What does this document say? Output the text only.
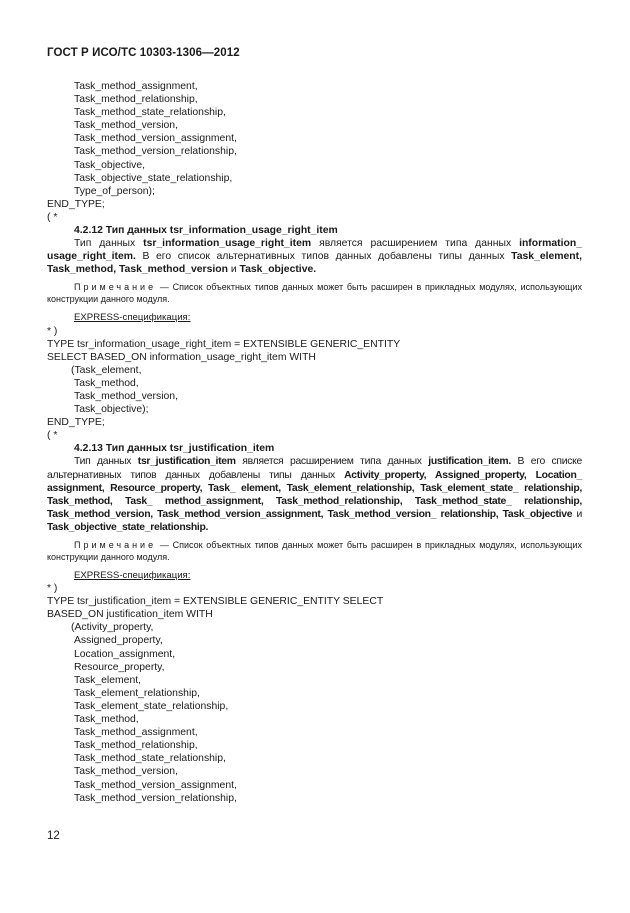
ГОСТ Р ИСО/ТС 10303-1306—2012
Task_method_assignment,
Task_method_relationship,
Task_method_state_relationship,
Task_method_version,
Task_method_version_assignment,
Task_method_version_relationship,
Task_objective,
Task_objective_state_relationship,
Type_of_person);
END_TYPE;
( *
4.2.12 Тип данных tsr_information_usage_right_item

Тип данных tsr_information_usage_right_item является расширением типа данных information_ usage_right_item. В его список альтернативных типов данных добавлены типы данных Task_element, Task_method, Task_method_version и Task_objective.

Примечание — Список объектных типов данных может быть расширен в прикладных модулях, использующих конструкции данного модуля.

EXPRESS-спецификация:
* )
TYPE tsr_information_usage_right_item = EXTENSIBLE GENERIC_ENTITY
SELECT BASED_ON information_usage_right_item WITH
(Task_element,
Task_method,
Task_method_version,
Task_objective);
END_TYPE;
( *
4.2.13 Тип данных tsr_justification_item

Тип данных tsr_justification_item является расширением типа данных justification_item. В его списке альтернативных типов данных добавлены типы данных Activity_property, Assigned_property, Location_ assignment, Resource_property, Task_ element, Task_element_relationship, Task_element_state_ relationship, Task_method, Task_ method_assignment, Task_method_relationship, Task_method_state_ relationship, Task_method_version, Task_method_version_assignment, Task_method_version_ relationship, Task_objective и Task_objective_state_relationship.

Примечание — Список объектных типов данных может быть расширен в прикладных модулях, использующих конструкции данного модуля.

EXPRESS-спецификация:
* )
TYPE tsr_justification_item = EXTENSIBLE GENERIC_ENTITY SELECT
BASED_ON justification_item WITH
(Activity_property,
Assigned_property,
Location_assignment,
Resource_property,
Task_element,
Task_element_relationship,
Task_element_state_relationship,
Task_method,
Task_method_assignment,
Task_method_relationship,
Task_method_state_relationship,
Task_method_version,
Task_method_version_assignment,
Task_method_version_relationship,
12
